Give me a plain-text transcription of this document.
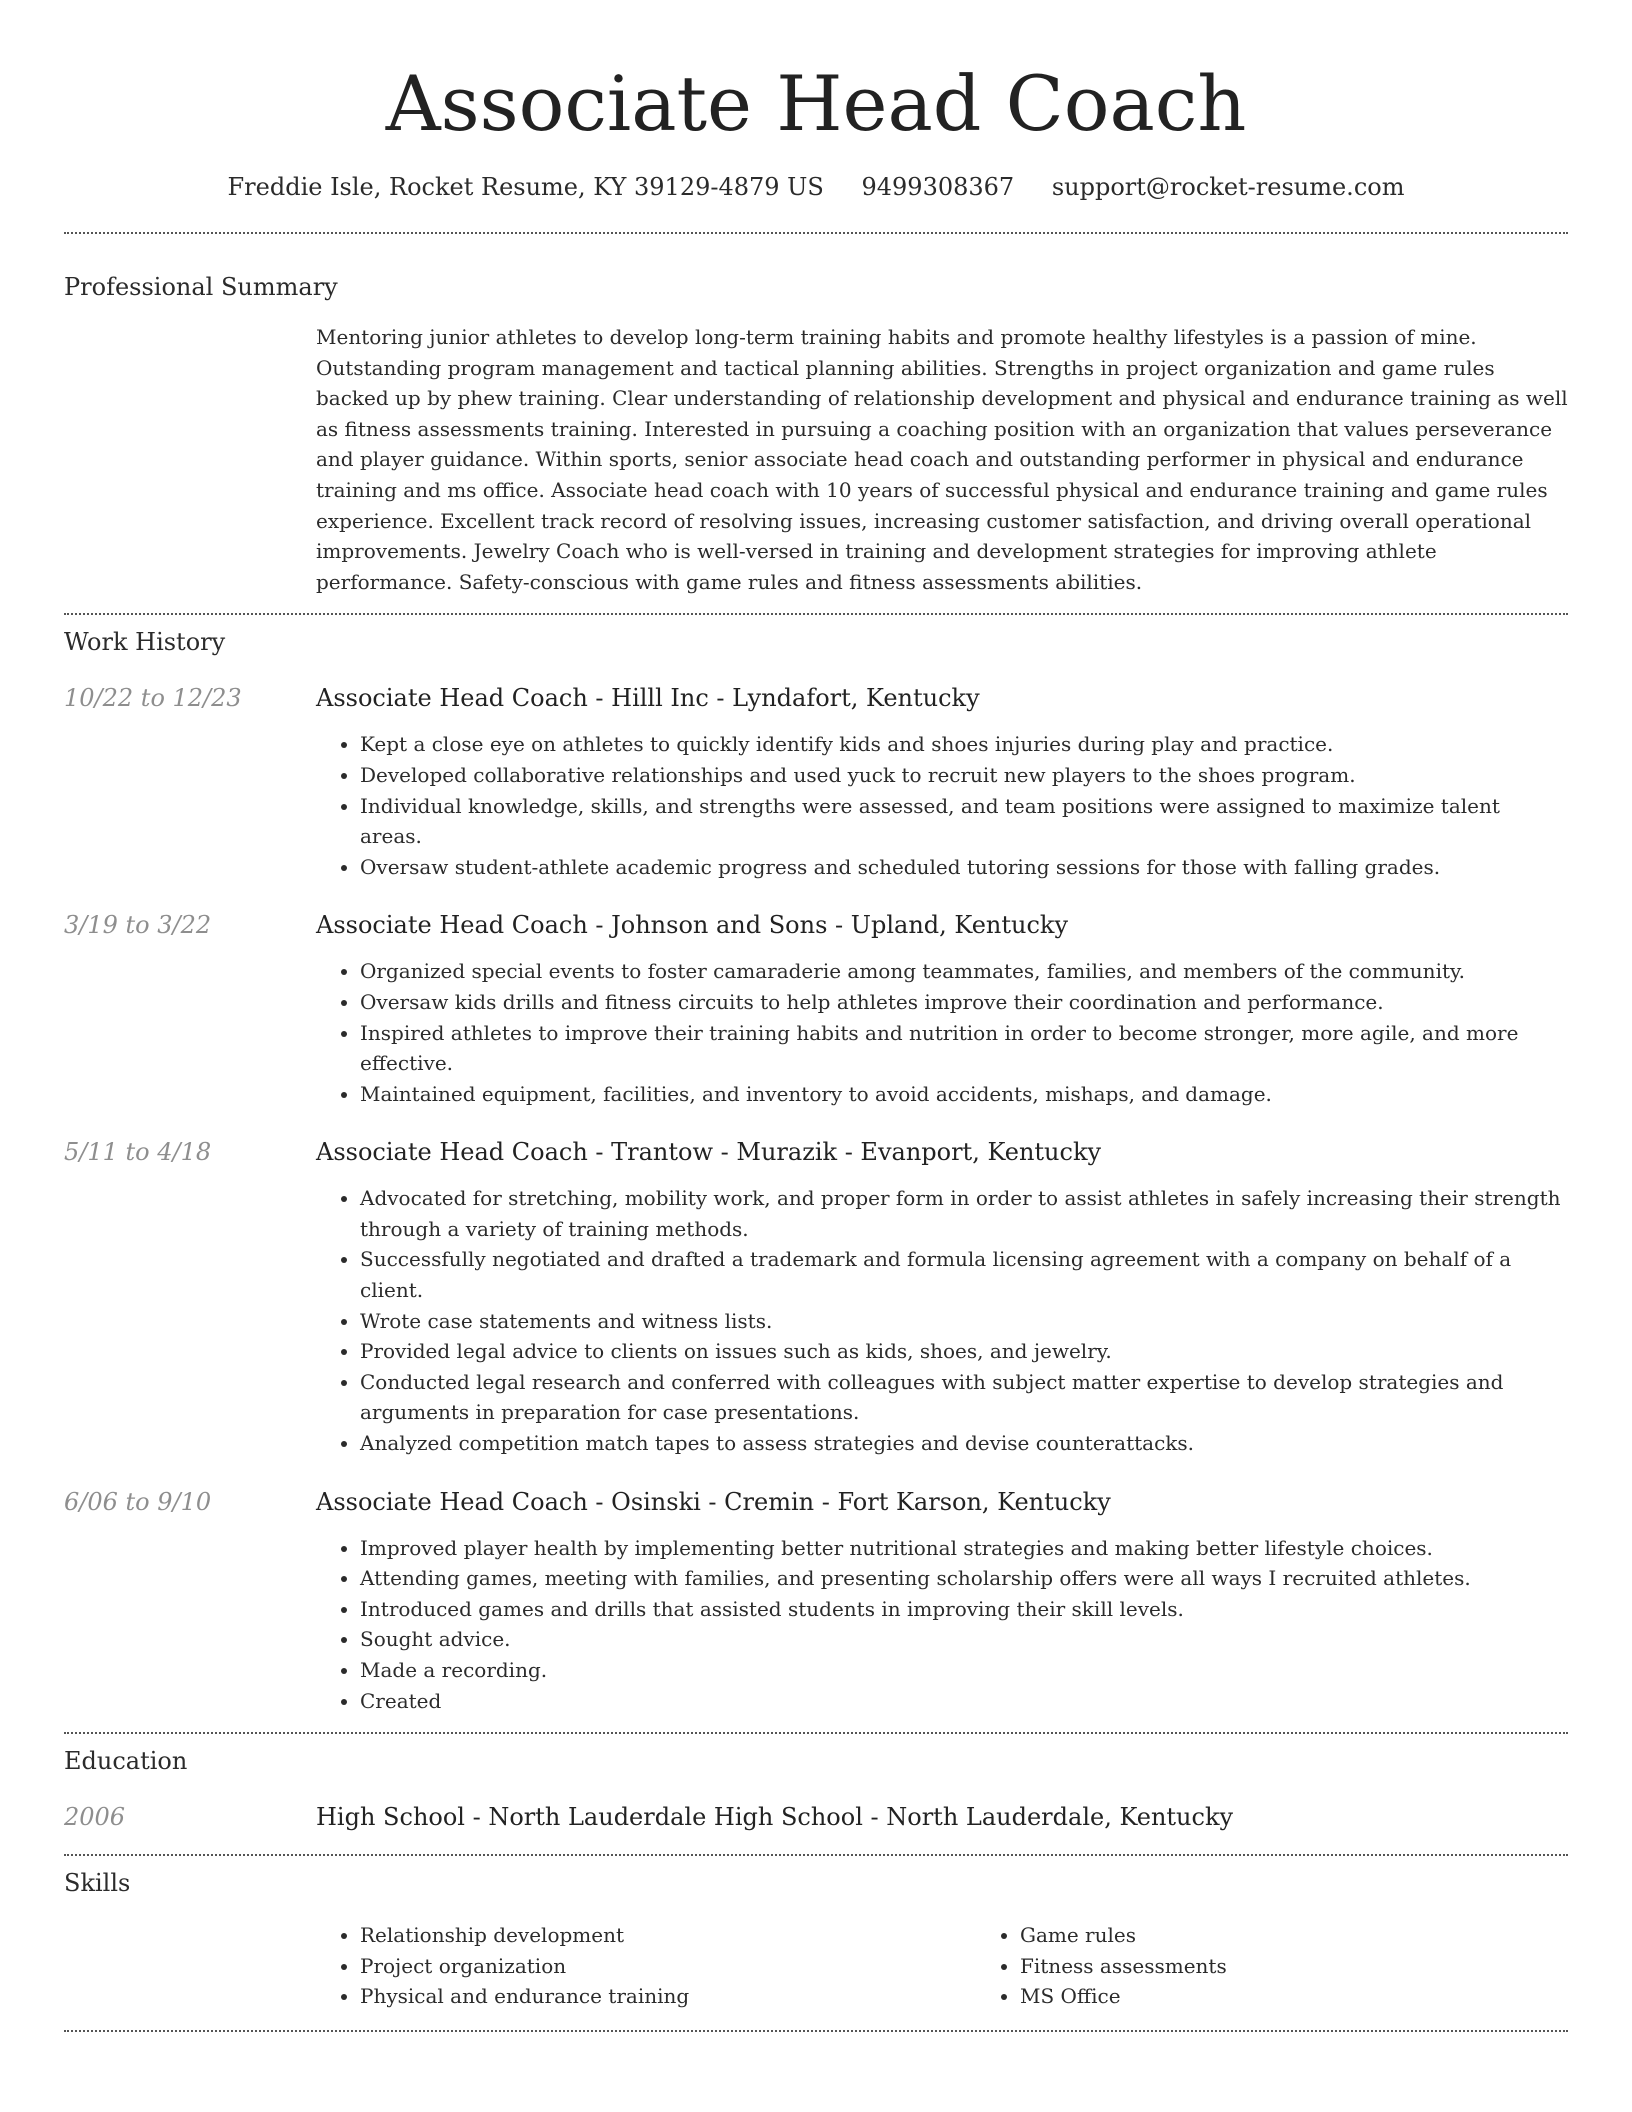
Associate Head Coach
Freddie Isle, Rocket Resume, KY 39129-4879 US 9499308367 support@rocket-resume.com
Professional Summary

Mentoring junior athletes to develop long-term training habits and promote healthy lifestyles is a passion of mine. Outstanding program management and tactical planning abilities. Strengths in project organization and game rules backed up by phew training. Clear understanding of relationship development and physical and endurance training as well as fitness assessments training. Interested in pursuing a coaching position with an organization that values perseverance and player guidance. Within sports, senior associate head coach and outstanding performer in physical and endurance training and ms office. Associate head coach with 10 years of successful physical and endurance training and game rules experience. Excellent track record of resolving issues, increasing customer satisfaction, and driving overall operational improvements. Jewelry Coach who is well-versed in training and development strategies for improving athlete performance. Safety-conscious with game rules and fitness assessments abilities.

Work History
10/22 to 12/23	Associate Head Coach - Hilll Inc - Lyndafort, Kentucky
• Kept a close eye on athletes to quickly identify kids and shoes injuries during play and practice.
• Developed collaborative relationships and used yuck to recruit new players to the shoes program.
• Individual knowledge, skills, and strengths were assessed, and team positions were assigned to maximize talent areas.
• Oversaw student-athlete academic progress and scheduled tutoring sessions for those with falling grades.
3/19 to 3/22	Associate Head Coach - Johnson and Sons - Upland, Kentucky
• Organized special events to foster camaraderie among teammates, families, and members of the community.
• Oversaw kids drills and fitness circuits to help athletes improve their coordination and performance.
• Inspired athletes to improve their training habits and nutrition in order to become stronger, more agile, and more effective.
• Maintained equipment, facilities, and inventory to avoid accidents, mishaps, and damage.
5/11 to 4/18	Associate Head Coach - Trantow - Murazik - Evanport, Kentucky
• Advocated for stretching, mobility work, and proper form in order to assist athletes in safely increasing their strength through a variety of training methods.
• Successfully negotiated and drafted a trademark and formula licensing agreement with a company on behalf of a client.
• Wrote case statements and witness lists.
• Provided legal advice to clients on issues such as kids, shoes, and jewelry.
• Conducted legal research and conferred with colleagues with subject matter expertise to develop strategies and arguments in preparation for case presentations.
• Analyzed competition match tapes to assess strategies and devise counterattacks.
6/06 to 9/10	Associate Head Coach - Osinski - Cremin - Fort Karson, Kentucky
• Improved player health by implementing better nutritional strategies and making better lifestyle choices.
• Attending games, meeting with families, and presenting scholarship offers were all ways I recruited athletes.
• Introduced games and drills that assisted students in improving their skill levels.
• Sought advice.
• Made a recording.
• Created
Education
2006	High School - North Lauderdale High School - North Lauderdale, Kentucky
Skills
• Relationship development
• Project organization
• Physical and endurance training
• Game rules
• Fitness assessments
• MS Office
